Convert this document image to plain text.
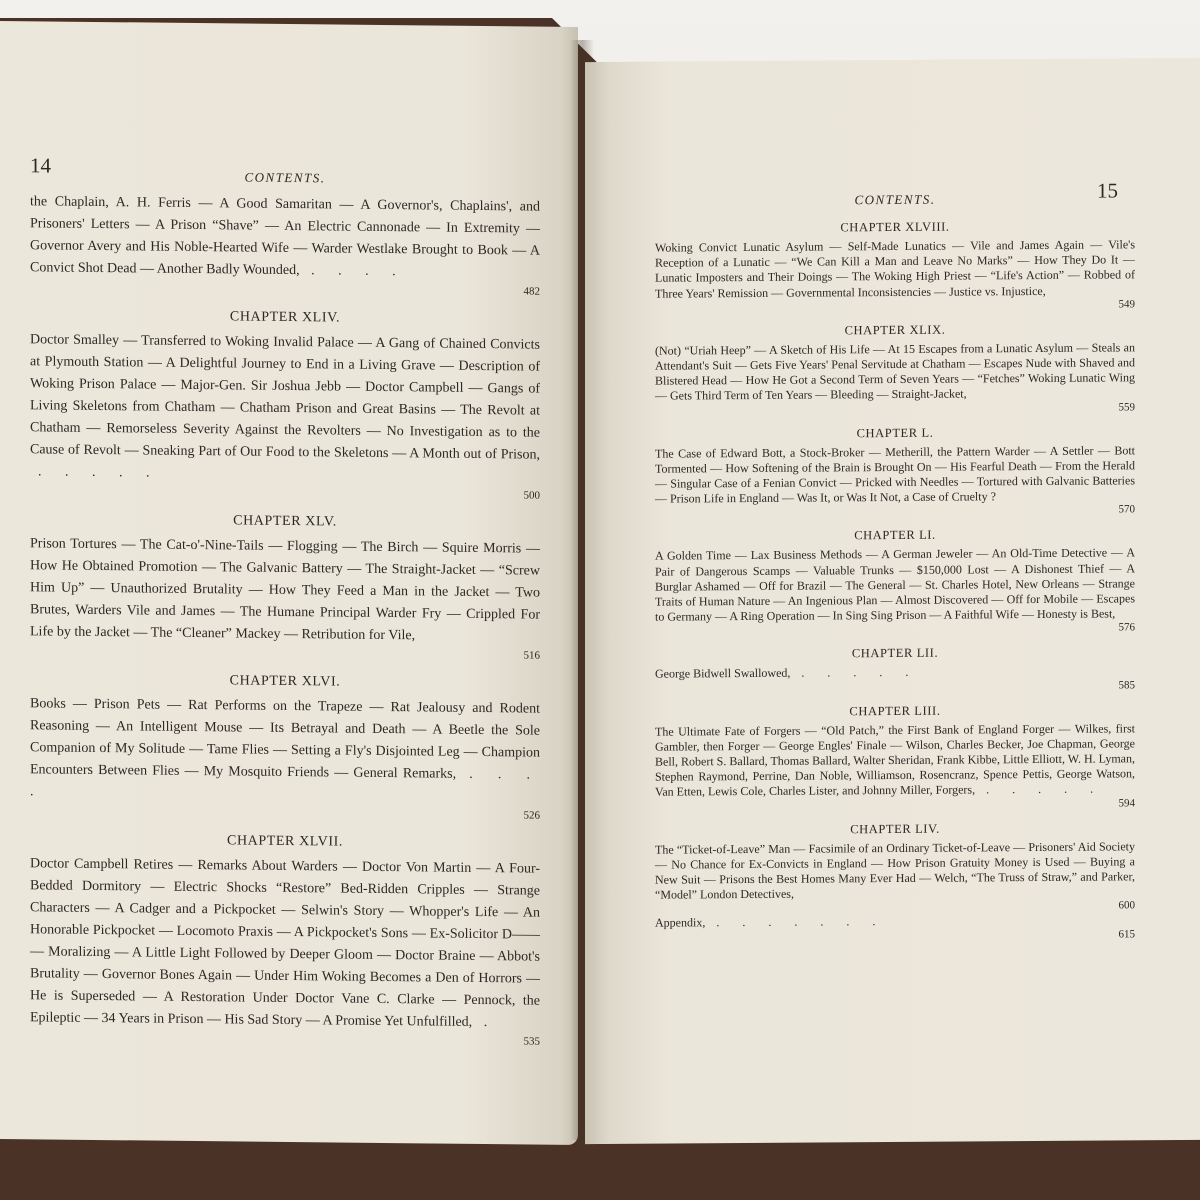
14	CONTENTS.

the Chaplain, A. H. Ferris — A Good Samaritan — A Governor's, Chaplains', and Prisoners' Letters — A Prison “Shave” — An Electric Cannonade — In Extremity — Governor Avery and His Noble-Hearted Wife — Warder Westlake Brought to Book — A Convict Shot Dead — Another Badly Wounded, . . . .

482
CHAPTER XLIV.

Doctor Smalley — Transferred to Woking Invalid Palace — A Gang of Chained Convicts at Plymouth Station — A Delightful Journey to End in a Living Grave — Description of Woking Prison Palace — Major-Gen. Sir Joshua Jebb — Doctor Campbell — Gangs of Living Skeletons from Chatham — Chatham Prison and Great Basins — The Revolt at Chatham — Remorseless Severity Against the Revolters — No Investigation as to the Cause of Revolt — Sneaking Part of Our Food to the Skeletons — A Month out of Prison, . . . . .

500
CHAPTER XLV.

Prison Tortures — The Cat-o'-Nine-Tails — Flogging — The Birch — Squire Morris — How He Obtained Promotion — The Galvanic Battery — The Straight-Jacket — “Screw Him Up” — Unauthorized Brutality — How They Feed a Man in the Jacket — Two Brutes, Warders Vile and James — The Humane Principal Warder Fry — Crippled For Life by the Jacket — The “Cleaner” Mackey — Retribution for Vile,

516
CHAPTER XLVI.

Books — Prison Pets — Rat Performs on the Trapeze — Rat Jealousy and Rodent Reasoning — An Intelligent Mouse — Its Betrayal and Death — A Beetle the Sole Companion of My Solitude — Tame Flies — Setting a Fly's Disjointed Leg — Champion Encounters Between Flies — My Mosquito Friends — General Remarks, . . . .

526
CHAPTER XLVII.

Doctor Campbell Retires — Remarks About Warders — Doctor Von Martin — A Four-Bedded Dormitory — Electric Shocks “Restore” Bed-Ridden Cripples — Strange Characters — A Cadger and a Pickpocket — Selwin's Story — Whopper's Life — An Honorable Pickpocket — Locomoto Praxis — A Pickpocket's Sons — Ex-Solicitor D—— — Moralizing — A Little Light Followed by Deeper Gloom — Doctor Braine — Abbot's Brutality — Governor Bones Again — Under Him Woking Becomes a Den of Horrors — He is Superseded — A Restoration Under Doctor Vane C. Clarke — Pennock, the Epileptic — 34 Years in Prison — His Sad Story — A Promise Yet Unfulfilled, .

535
15
CONTENTS.
CHAPTER XLVIII.

Woking Convict Lunatic Asylum — Self-Made Lunatics — Vile and James Again — Vile's Reception of a Lunatic — “We Can Kill a Man and Leave No Marks” — How They Do It — Lunatic Imposters and Their Doings — The Woking High Priest — “Life's Action” — Robbed of Three Years' Remission — Governmental Inconsistencies — Justice vs. Injustice,

549
CHAPTER XLIX.

(Not) “Uriah Heep” — A Sketch of His Life — At 15 Escapes from a Lunatic Asylum — Steals an Attendant's Suit — Gets Five Years' Penal Servitude at Chatham — Escapes Nude with Shaved and Blistered Head — How He Got a Second Term of Seven Years — “Fetches” Woking Lunatic Wing — Gets Third Term of Ten Years — Bleeding — Straight-Jacket,

559
CHAPTER L.

The Case of Edward Bott, a Stock-Broker — Metherill, the Pattern Warder — A Settler — Bott Tormented — How Softening of the Brain is Brought On — His Fearful Death — From the Herald — Singular Case of a Fenian Convict — Pricked with Needles — Tortured with Galvanic Batteries — Prison Life in England — Was It, or Was It Not, a Case of Cruelty ?

570
CHAPTER LI.

A Golden Time — Lax Business Methods — A German Jeweler — An Old-Time Detective — A Pair of Dangerous Scamps — Valuable Trunks — $150,000 Lost — A Dishonest Thief — A Burglar Ashamed — Off for Brazil — The General — St. Charles Hotel, New Orleans — Strange Traits of Human Nature — An Ingenious Plan — Almost Discovered — Off for Mobile — Escapes to Germany — A Ring Operation — In Sing Sing Prison — A Faithful Wife — Honesty is Best,

576
CHAPTER LII.

George Bidwell Swallowed, . . . . .

585
CHAPTER LIII.

The Ultimate Fate of Forgers — “Old Patch,” the First Bank of England Forger — Wilkes, first Gambler, then Forger — George Engles' Finale — Wilson, Charles Becker, Joe Chapman, George Bell, Robert S. Ballard, Thomas Ballard, Walter Sheridan, Frank Kibbe, Little Elliott, W. H. Lyman, Stephen Raymond, Perrine, Dan Noble, Williamson, Rosencranz, Spence Pettis, George Watson, Van Etten, Lewis Cole, Charles Lister, and Johnny Miller, Forgers, . . . . .

594
CHAPTER LIV.

The “Ticket-of-Leave” Man — Facsimile of an Ordinary Ticket-of-Leave — Prisoners' Aid Society — No Chance for Ex-Convicts in England — How Prison Gratuity Money is Used — Buying a New Suit — Prisons the Best Homes Many Ever Had — Welch, “The Truss of Straw,” and Parker, “Model” London Detectives,

600

Appendix, . . . . . . .

615
